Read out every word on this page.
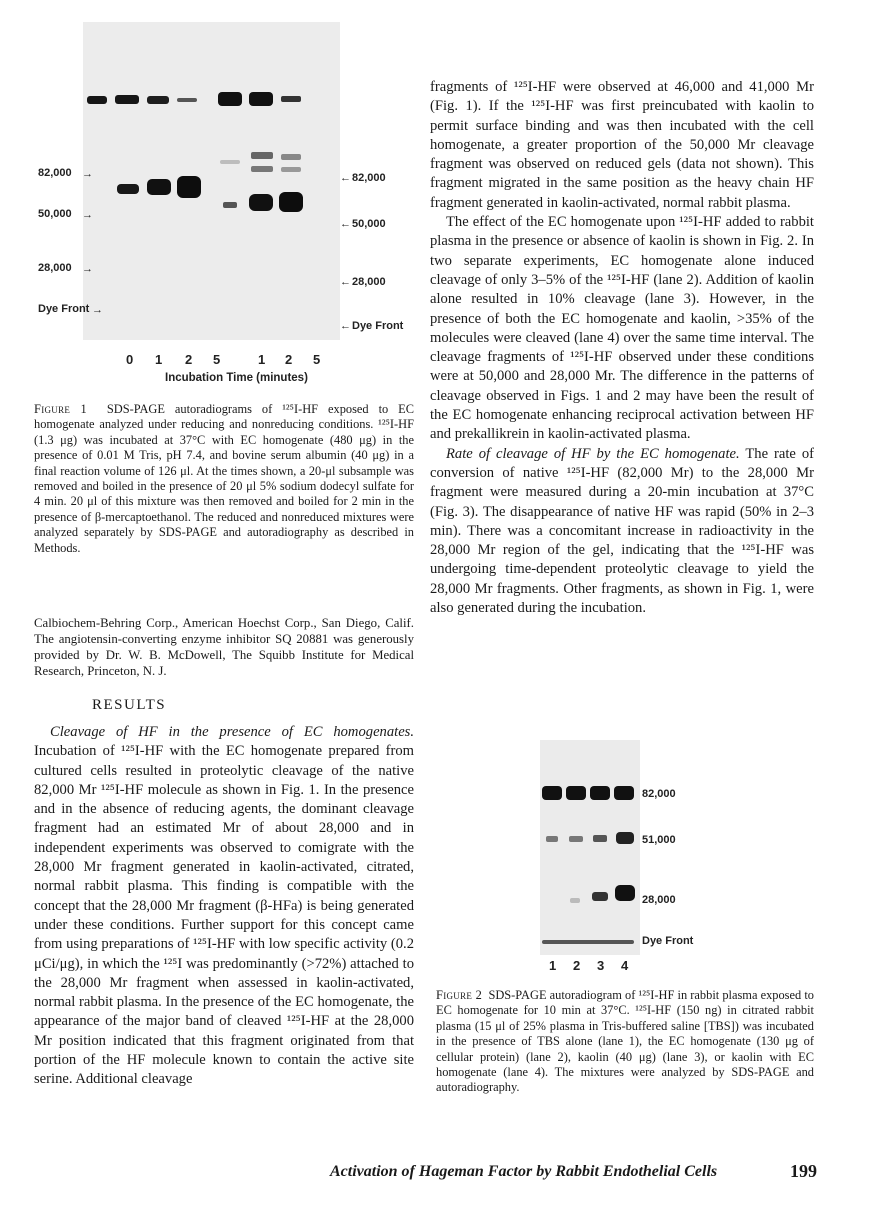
82,000 →
50,000 →
28,000 →
Dye Front →
← 82,000
← 50,000
← 28,000
← Dye Front
0 1 2 5	1 2 5
Incubation Time (minutes)

Figure 1 SDS-PAGE autoradiograms of ¹²⁵I-HF exposed to EC homogenate analyzed under reducing and nonreducing conditions. ¹²⁵I-HF (1.3 μg) was incubated at 37°C with EC homogenate (480 μg) in the presence of 0.01 M Tris, pH 7.4, and bovine serum albumin (40 μg) in a final reaction volume of 126 μl. At the times shown, a 20-μl subsample was removed and boiled in the presence of 20 μl 5% sodium dodecyl sulfate for 4 min. 20 μl of this mixture was then removed and boiled for 2 min in the presence of β-mercaptoethanol. The reduced and nonreduced mixtures were analyzed separately by SDS-PAGE and autoradiography as described in Methods.

Calbiochem-Behring Corp., American Hoechst Corp., San Diego, Calif. The angiotensin-converting enzyme inhibitor SQ 20881 was generously provided by Dr. W. B. McDowell, The Squibb Institute for Medical Research, Princeton, N. J.

RESULTS

Cleavage of HF in the presence of EC homogenates. Incubation of ¹²⁵I-HF with the EC homogenate prepared from cultured cells resulted in proteolytic cleavage of the native 82,000 Mr ¹²⁵I-HF molecule as shown in Fig. 1. In the presence and in the absence of reducing agents, the dominant cleavage fragment had an estimated Mr of about 28,000 and in independent experiments was observed to comigrate with the 28,000 Mr fragment generated in kaolin-activated, citrated, normal rabbit plasma. This finding is compatible with the concept that the 28,000 Mr fragment (β-HFa) is being generated under these conditions. Further support for this concept came from using preparations of ¹²⁵I-HF with low specific activity (0.2 μCi/μg), in which the ¹²⁵I was predominantly (>72%) attached to the 28,000 Mr fragment when assessed in kaolin-activated, normal rabbit plasma. In the presence of the EC homogenate, the appearance of the major band of cleaved ¹²⁵I-HF at the 28,000 Mr position indicated that this fragment originated from that portion of the HF molecule known to contain the active site serine. Additional cleavage

fragments of ¹²⁵I-HF were observed at 46,000 and 41,000 Mr (Fig. 1). If the ¹²⁵I-HF was first preincubated with kaolin to permit surface binding and was then incubated with the cell homogenate, a greater proportion of the 50,000 Mr cleavage fragment was observed on reduced gels (data not shown). This fragment migrated in the same position as the heavy chain HF fragment generated in kaolin-activated, normal rabbit plasma.

The effect of the EC homogenate upon ¹²⁵I-HF added to rabbit plasma in the presence or absence of kaolin is shown in Fig. 2. In two separate experiments, EC homogenate alone induced cleavage of only 3–5% of the ¹²⁵I-HF (lane 2). Addition of kaolin alone resulted in 10% cleavage (lane 3). However, in the presence of both the EC homogenate and kaolin, >35% of the molecules were cleaved (lane 4) over the same time interval. The cleavage fragments of ¹²⁵I-HF observed under these conditions were at 50,000 and 28,000 Mr. The difference in the patterns of cleavage observed in Figs. 1 and 2 may have been the result of the EC homogenate enhancing reciprocal activation between HF and prekallikrein in kaolin-activated plasma.

Rate of cleavage of HF by the EC homogenate. The rate of conversion of native ¹²⁵I-HF (82,000 Mr) to the 28,000 Mr fragment were measured during a 20-min incubation at 37°C (Fig. 3). The disappearance of native HF was rapid (50% in 2–3 min). There was a concomitant increase in radioactivity in the 28,000 Mr region of the gel, indicating that the ¹²⁵I-HF was undergoing time-dependent proteolytic cleavage to yield the 28,000 Mr fragments. Other fragments, as shown in Fig. 1, were also generated during the incubation.

82,000
51,000
28,000
Dye Front
1 2 3 4

Figure 2 SDS-PAGE autoradiogram of ¹²⁵I-HF in rabbit plasma exposed to EC homogenate for 10 min at 37°C. ¹²⁵I-HF (150 ng) in citrated rabbit plasma (15 μl of 25% plasma in Tris-buffered saline [TBS]) was incubated in the presence of TBS alone (lane 1), the EC homogenate (130 μg of cellular protein) (lane 2), kaolin (40 μg) (lane 3), or kaolin with EC homogenate (lane 4). The mixtures were analyzed by SDS-PAGE and autoradiography.

Activation of Hageman Factor by Rabbit Endothelial Cells	199
